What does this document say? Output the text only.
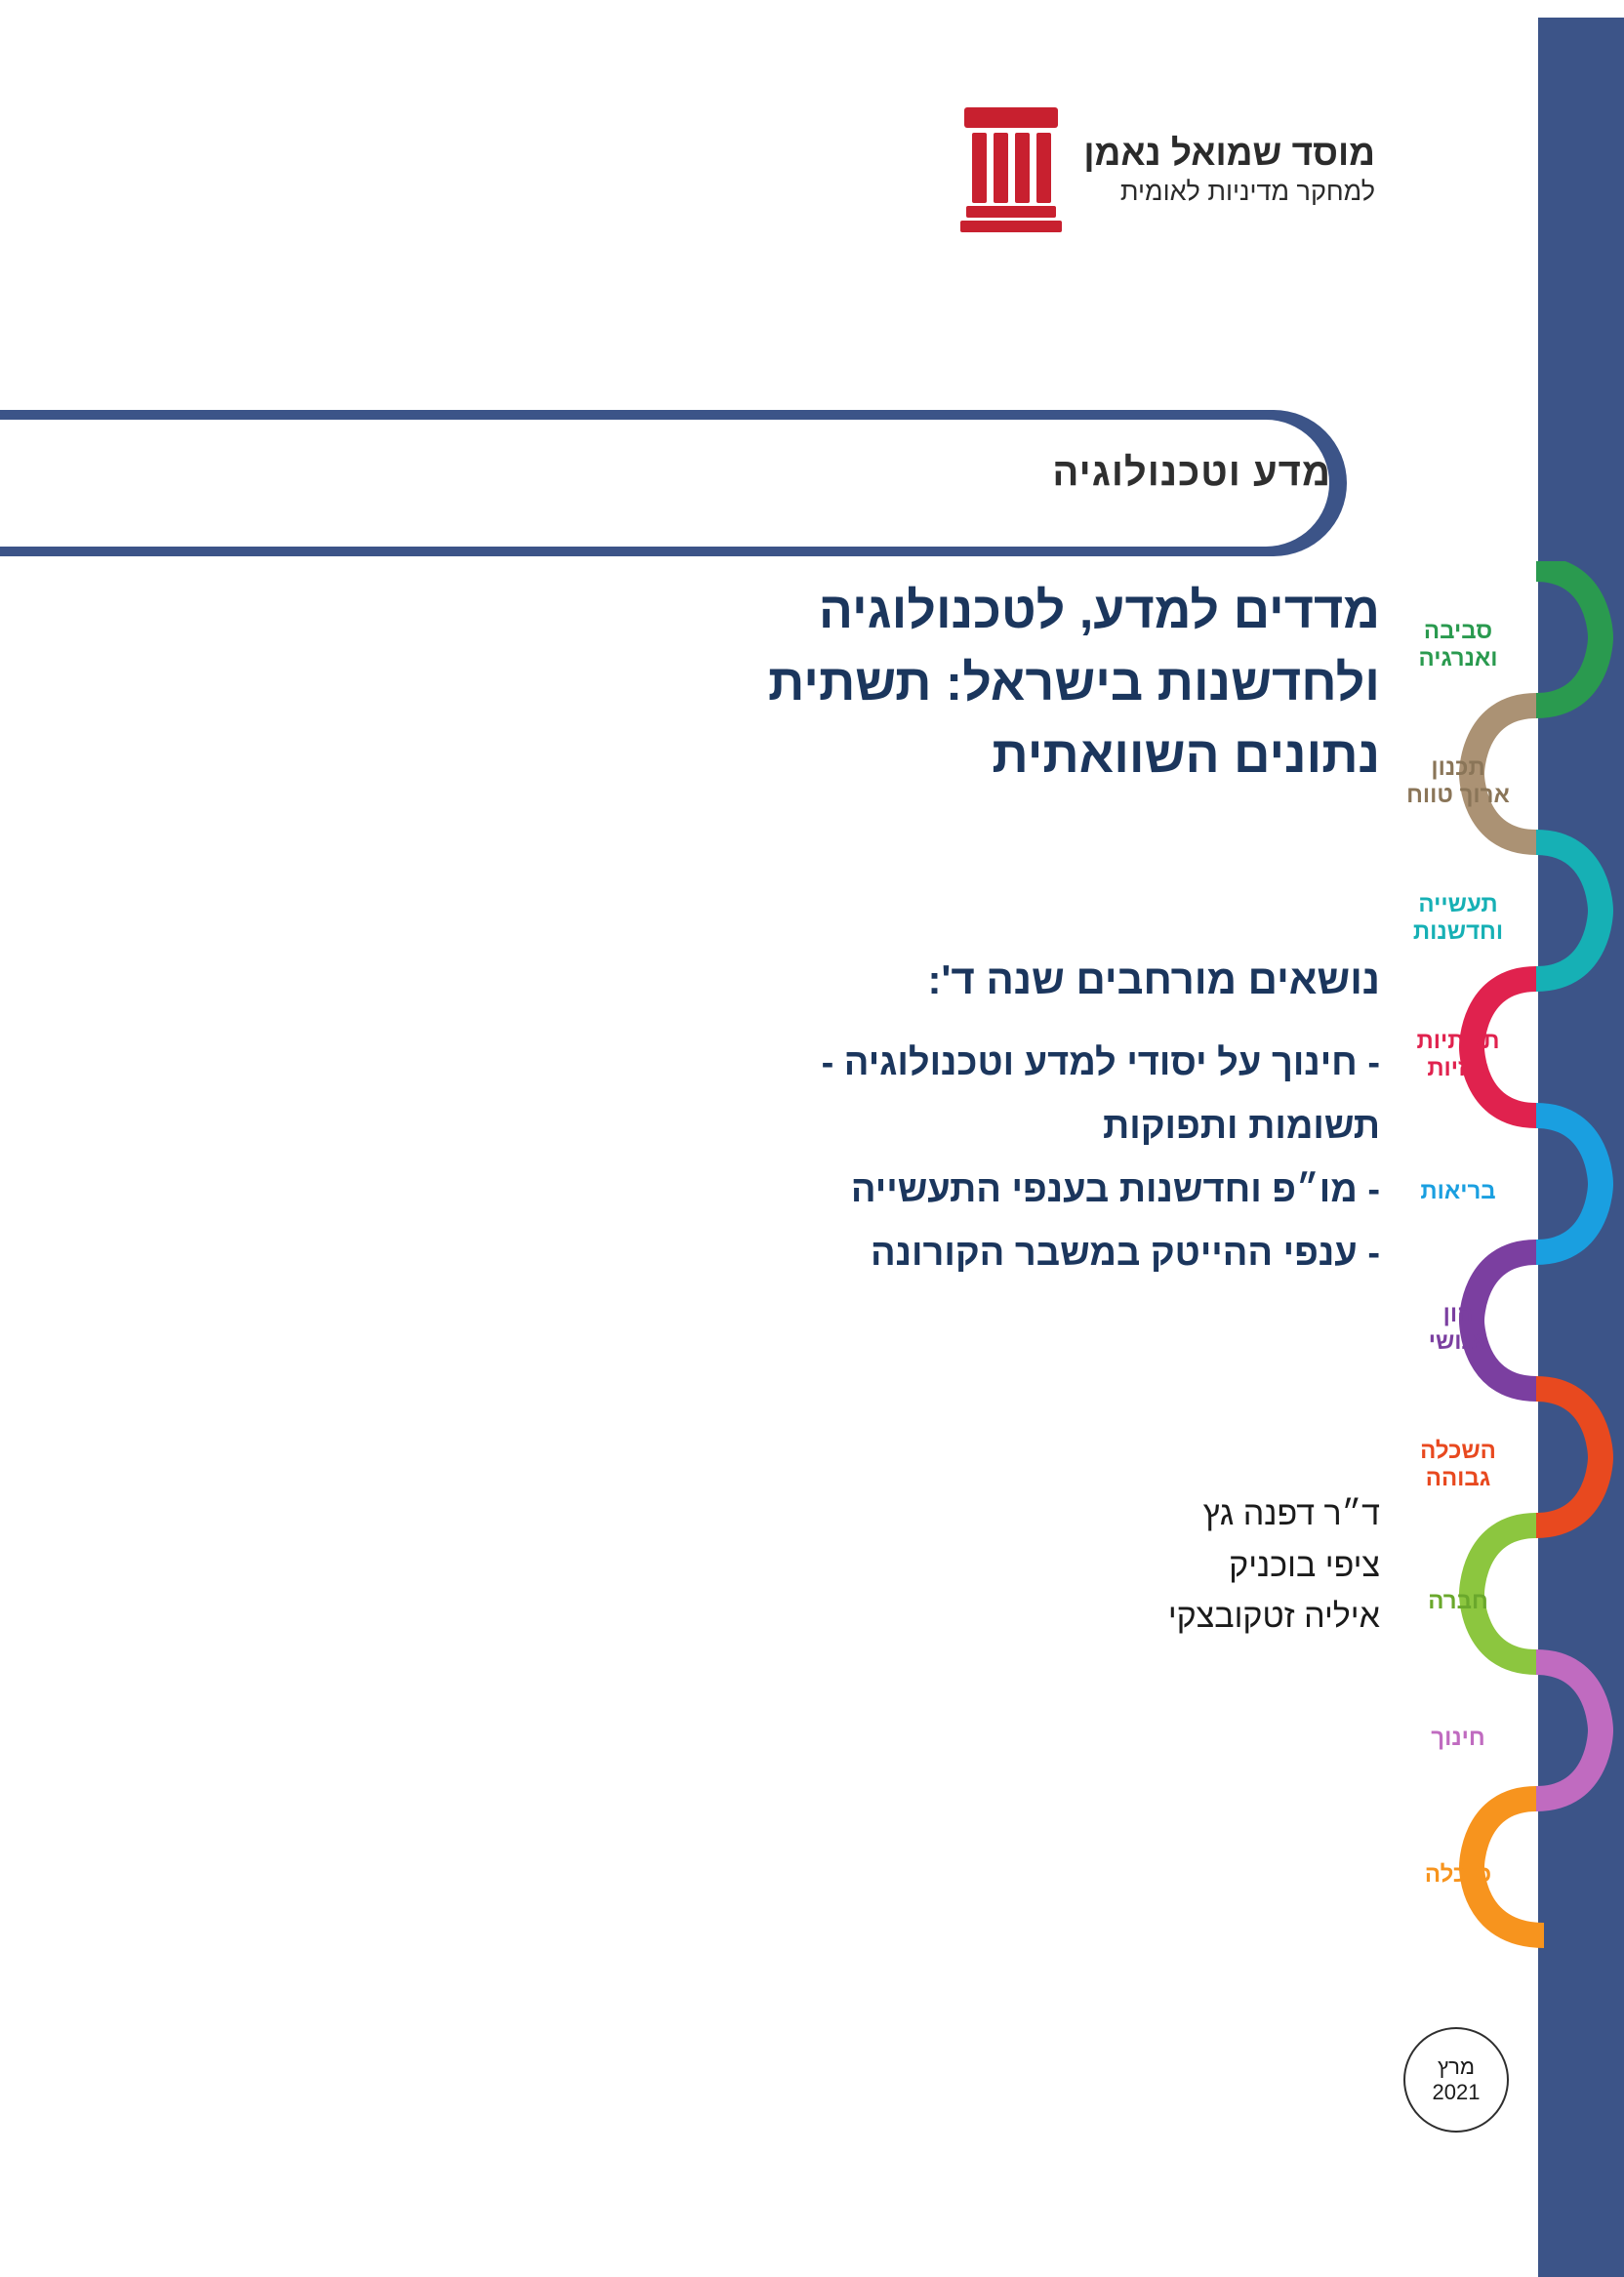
מוסד שמואל נאמן
למחקר מדיניות לאומית
מדע וטכנולוגיה
מדדים למדע, לטכנולוגיה
ולחדשנות בישראל: תשתית
נתונים השוואתית
נושאים מורחבים שנה ד':
- חינוך על יסודי למדע וטכנולוגיה -
תשומות ותפוקות
- מו״פ וחדשנות בענפי התעשייה
- ענפי ההייטק במשבר הקורונה
ד״ר דפנה גץ
ציפי בוכניק
איליה זטקובצקי
סביבה
ואנרגיה
תכנון
ארוך טווח
תעשייה
וחדשנות
תשתיות
פיזיות
בריאות
הון
אנושי
השכלה
גבוהה
חברה
חינוך
כלכלה
מרץ
2021
